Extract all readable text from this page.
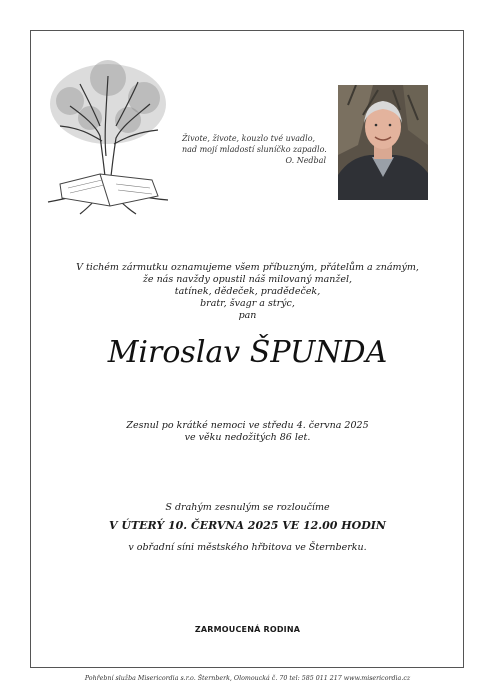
Živote, živote, kouzlo tvé uvadlo,
nad mojí mladostí sluníčko zapadlo.
O. Nedbal
V tichém zármutku oznamujeme všem příbuzným, přátelům a známým,
že nás navždy opustil náš milovaný manžel,
tatínek, dědeček, pradědeček,
bratr, švagr a strýc,
pan
Miroslav ŠPUNDA
Zesnul po krátké nemoci ve středu 4. června 2025
ve věku nedožitých 86 let.
S drahým zesnulým se rozloučíme
V ÚTERÝ 10. ČERVNA 2025 VE 12.00 HODIN
v obřadní síni městského hřbitova ve Šternberku.
ZARMOUCENÁ RODINA
Pohřební služba Misericordia s.r.o. Šternberk, Olomoucká č. 70 tel: 585 011 217 www.misericordia.cz
